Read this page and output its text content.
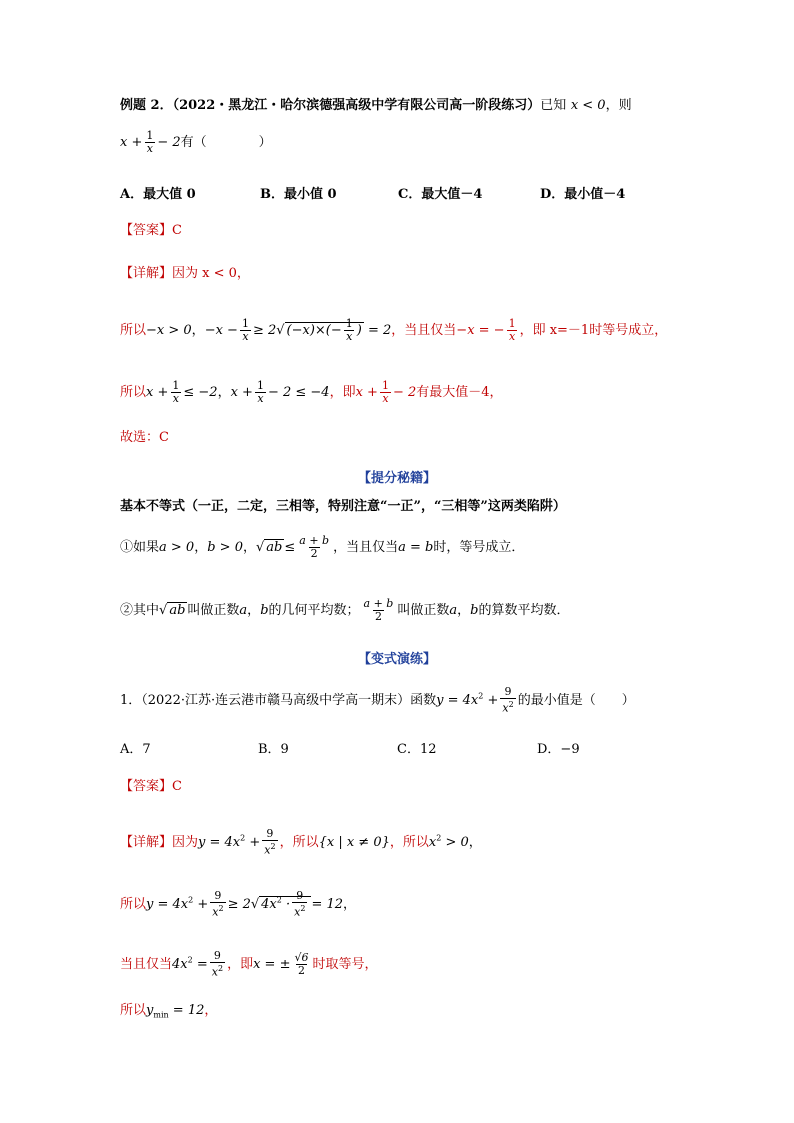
例题 2．（2022・黑龙江・哈尔滨德强高级中学有限公司高一阶段练习）已知 x < 0，则
$x + \frac{1}{x} - 2$有（　　　　）
A．最大值 0	B．最小值 0	C．最大值－4	D．最小值－4
【答案】C
【详解】因为 x < 0，
所以−x > 0，$-x - \frac{1}{x} \ge 2√$ $(-x)\times(- \frac{1}{x}$ ) = 2，当且仅当−x = − $\frac{1}{x}$ ，即 x=－1时等号成立，
所以$x + \frac{1}{x} \le -2$，$x + \frac{1}{x} - 2 \le -4$，即$x + \frac{1}{x} - 2$有最大值－4，
故选：C
【提分秘籍】
基本不等式（一正，二定，三相等，特别注意“一正”，“三相等”这两类陷阱）
①如果a > 0，b > 0，√ ab ≤ $\frac{a + b}{2}$ ，当且仅当a = b时，等号成立．
②其中√ ab 叫做正数a，b的几何平均数； $\frac{a + b}{2}$ 叫做正数a，b的算数平均数．
【变式演练】
1．（2022·江苏·连云港市赣马高级中学高一期末）函数$y = 4x^2 + \frac{9}{x^2}$ 的最小值是（　　）
A．7	B．9	C．12	D．−9
【答案】C
【详解】因为$y = 4x^2 + \frac{9}{x^2}$ ，所以{x | x ≠ 0}，所以$x^2 > 0$，
所以$y = 4x^2 + \frac{9}{x^2} \ge 2√$ $4x^2 \cdot \frac{9}{x^2} = 12$，
当且仅当$4x^2 = \frac{9}{x^2}$ ，即x = ± $\frac{√6}{2}$ 时取等号，
所以$y_{min} = 12$，
